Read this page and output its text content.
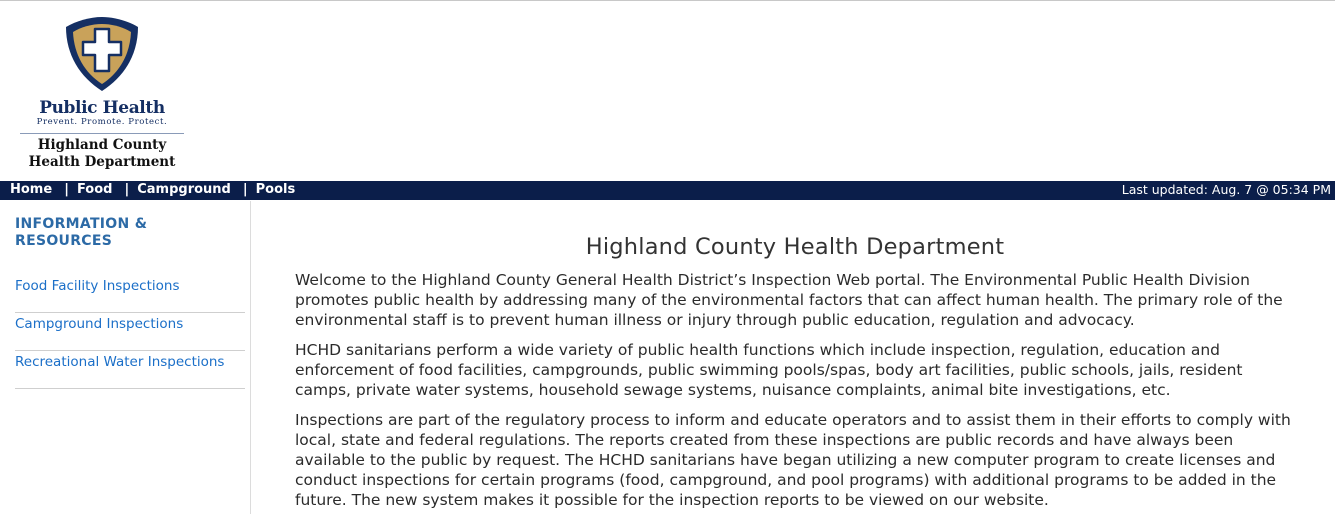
Public Health
Prevent. Promote. Protect.
Highland County
Health Department
Home | Food | Campground | Pools	Last updated: Aug. 7 @ 05:34 PM
INFORMATION & RESOURCES
Food Facility Inspections
Campground Inspections
Recreational Water Inspections
Highland County Health Department

Welcome to the Highland County General Health District’s Inspection Web portal. The Environmental Public Health Division promotes public health by addressing many of the environmental factors that can affect human health. The primary role of the environmental staff is to prevent human illness or injury through public education, regulation and advocacy.

HCHD sanitarians perform a wide variety of public health functions which include inspection, regulation, education and enforcement of food facilities, campgrounds, public swimming pools/spas, body art facilities, public schools, jails, resident camps, private water systems, household sewage systems, nuisance complaints, animal bite investigations, etc.

Inspections are part of the regulatory process to inform and educate operators and to assist them in their efforts to comply with local, state and federal regulations. The reports created from these inspections are public records and have always been available to the public by request. The HCHD sanitarians have began utilizing a new computer program to create licenses and conduct inspections for certain programs (food, campground, and pool programs) with additional programs to be added in the future. The new system makes it possible for the inspection reports to be viewed on our website.
